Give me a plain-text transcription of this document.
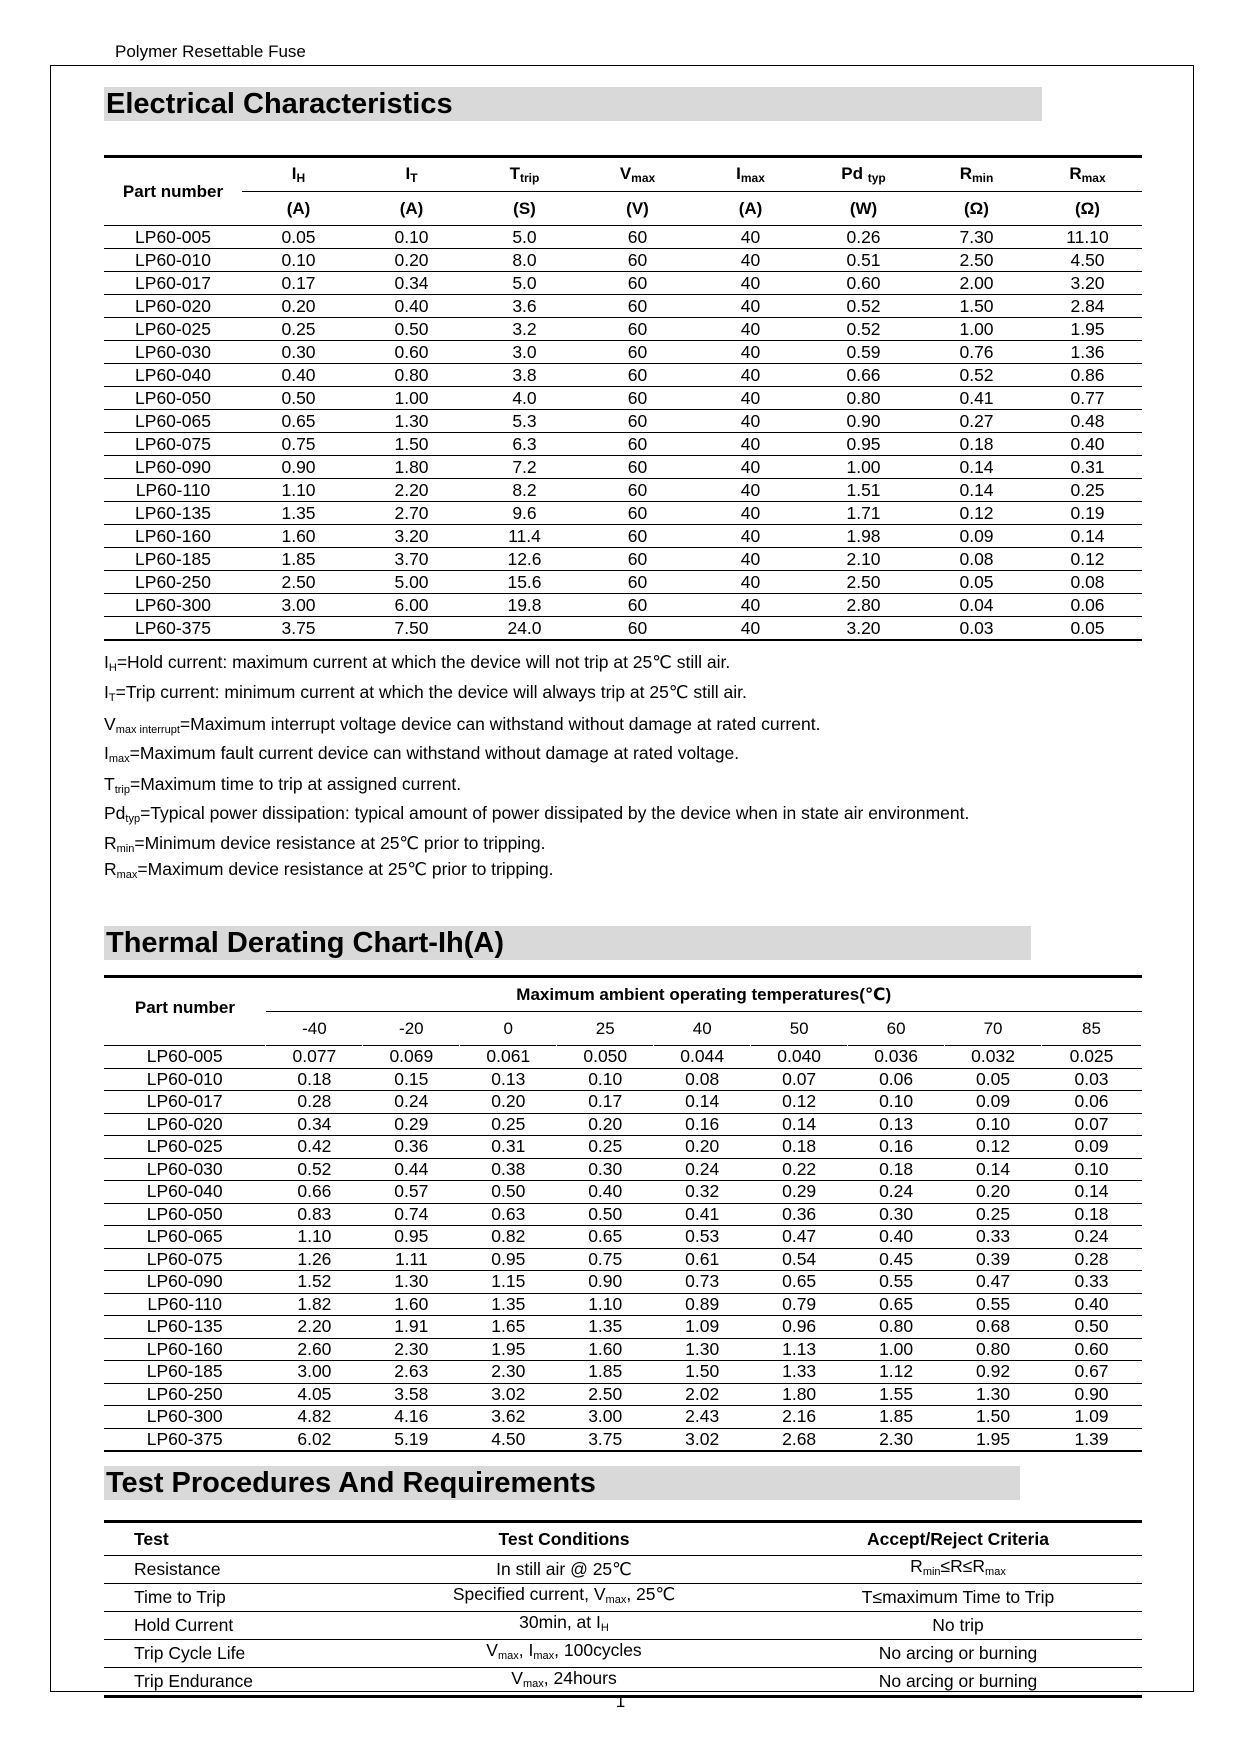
Polymer Resettable Fuse
Electrical Characteristics
Part number	IH	IT	Ttrip	Vmax	Imax	Pd typ	Rmin	Rmax
	(A)	(A)	(S)	(V)	(A)	(W)	(Ω)	(Ω)
LP60-005	0.05	0.10	5.0	60	40	0.26	7.30	11.10
LP60-010	0.10	0.20	8.0	60	40	0.51	2.50	4.50
LP60-017	0.17	0.34	5.0	60	40	0.60	2.00	3.20
LP60-020	0.20	0.40	3.6	60	40	0.52	1.50	2.84
LP60-025	0.25	0.50	3.2	60	40	0.52	1.00	1.95
LP60-030	0.30	0.60	3.0	60	40	0.59	0.76	1.36
LP60-040	0.40	0.80	3.8	60	40	0.66	0.52	0.86
LP60-050	0.50	1.00	4.0	60	40	0.80	0.41	0.77
LP60-065	0.65	1.30	5.3	60	40	0.90	0.27	0.48
LP60-075	0.75	1.50	6.3	60	40	0.95	0.18	0.40
LP60-090	0.90	1.80	7.2	60	40	1.00	0.14	0.31
LP60-110	1.10	2.20	8.2	60	40	1.51	0.14	0.25
LP60-135	1.35	2.70	9.6	60	40	1.71	0.12	0.19
LP60-160	1.60	3.20	11.4	60	40	1.98	0.09	0.14
LP60-185	1.85	3.70	12.6	60	40	2.10	0.08	0.12
LP60-250	2.50	5.00	15.6	60	40	2.50	0.05	0.08
LP60-300	3.00	6.00	19.8	60	40	2.80	0.04	0.06
LP60-375	3.75	7.50	24.0	60	40	3.20	0.03	0.05
$I_H=Hold$ current: maximum current at which the device will not trip at 25℃ still air.
$I_T=Trip$ current: minimum current at which the device will always trip at 25℃ still air.
$V_{max interrupt}=Maximum$ interrupt voltage device can withstand without damage at rated current.
$I_{max}=Maximum$ fault current device can withstand without damage at rated voltage.
$T_{trip}=Maximum$ time to trip at assigned current.
$Pd_{typ}=Typical$ power dissipation: typical amount of power dissipated by the device when in state air environment.
$R_{min}=Minimum$ device resistance at 25℃ prior to tripping.
$R_{max}=Maximum$ device resistance at 25℃ prior to tripping.
Thermal Derating Chart-Ih(A)
Part number	Maximum ambient operating temperatures(℃)								
	-40	-20	0	25	40	50	60	70	85
LP60-005	0.077	0.069	0.061	0.050	0.044	0.040	0.036	0.032	0.025
LP60-010	0.18	0.15	0.13	0.10	0.08	0.07	0.06	0.05	0.03
LP60-017	0.28	0.24	0.20	0.17	0.14	0.12	0.10	0.09	0.06
LP60-020	0.34	0.29	0.25	0.20	0.16	0.14	0.13	0.10	0.07
LP60-025	0.42	0.36	0.31	0.25	0.20	0.18	0.16	0.12	0.09
LP60-030	0.52	0.44	0.38	0.30	0.24	0.22	0.18	0.14	0.10
LP60-040	0.66	0.57	0.50	0.40	0.32	0.29	0.24	0.20	0.14
LP60-050	0.83	0.74	0.63	0.50	0.41	0.36	0.30	0.25	0.18
LP60-065	1.10	0.95	0.82	0.65	0.53	0.47	0.40	0.33	0.24
LP60-075	1.26	1.11	0.95	0.75	0.61	0.54	0.45	0.39	0.28
LP60-090	1.52	1.30	1.15	0.90	0.73	0.65	0.55	0.47	0.33
LP60-110	1.82	1.60	1.35	1.10	0.89	0.79	0.65	0.55	0.40
LP60-135	2.20	1.91	1.65	1.35	1.09	0.96	0.80	0.68	0.50
LP60-160	2.60	2.30	1.95	1.60	1.30	1.13	1.00	0.80	0.60
LP60-185	3.00	2.63	2.30	1.85	1.50	1.33	1.12	0.92	0.67
LP60-250	4.05	3.58	3.02	2.50	2.02	1.80	1.55	1.30	0.90
LP60-300	4.82	4.16	3.62	3.00	2.43	2.16	1.85	1.50	1.09
LP60-375	6.02	5.19	4.50	3.75	3.02	2.68	2.30	1.95	1.39
Test Procedures And Requirements
Test	Test Conditions	Accept/Reject Criteria
Resistance	In still air @ 25℃	$R_{min}\le R\le R_{max}$
Time to Trip	Specified current, $V_{max}$, 25℃	T≤maximum Time to Trip
Hold Current	30min, at $I_H$	No trip
Trip Cycle Life	$V_{max}$, $I_{max}$, 100cycles	No arcing or burning
Trip Endurance	$V_{max}$, 24hours	No arcing or burning
1
